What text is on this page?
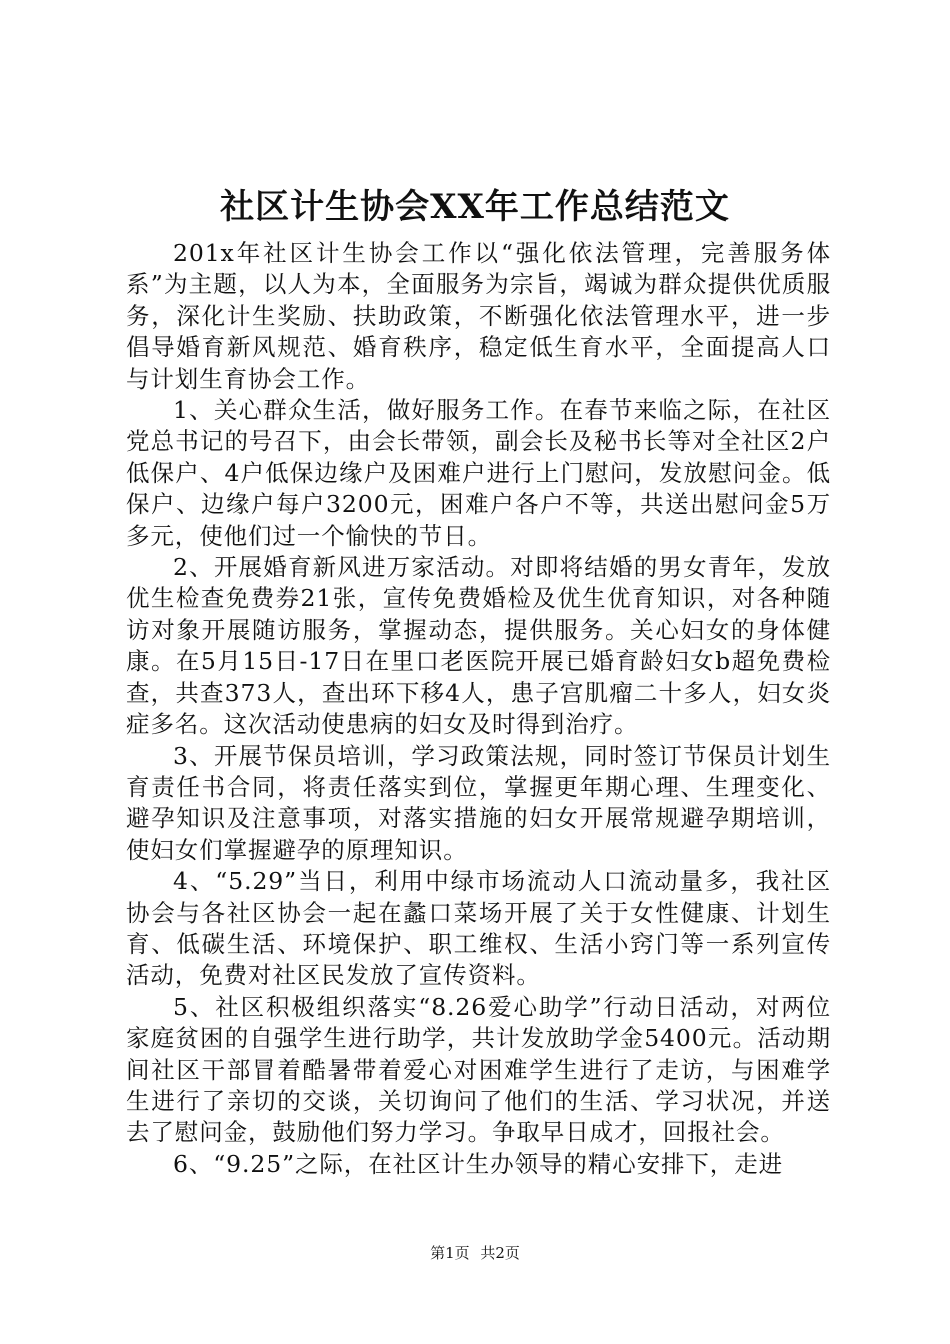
社区计生协会XX年工作总结范文

201x年社区计生协会工作以“强化依法管理，完善服务体系”为主题，以人为本，全面服务为宗旨，竭诚为群众提供优质服务，深化计生奖励、扶助政策，不断强化依法管理水平，进一步倡导婚育新风规范、婚育秩序，稳定低生育水平，全面提高人口与计划生育协会工作。

1、关心群众生活，做好服务工作。在春节来临之际，在社区党总书记的号召下，由会长带领，副会长及秘书长等对全社区2户低保户、4户低保边缘户及困难户进行上门慰问，发放慰问金。低保户、边缘户每户3200元，困难户各户不等，共送出慰问金5万多元，使他们过一个愉快的节日。

2、开展婚育新风进万家活动。对即将结婚的男女青年，发放优生检查免费券21张，宣传免费婚检及优生优育知识，对各种随访对象开展随访服务，掌握动态，提供服务。关心妇女的身体健康。在5月15日-17日在里口老医院开展已婚育龄妇女b超免费检查，共查373人，查出环下移4人，患子宫肌瘤二十多人，妇女炎症多名。这次活动使患病的妇女及时得到治疗。

3、开展节保员培训，学习政策法规，同时签订节保员计划生育责任书合同，将责任落实到位，掌握更年期心理、生理变化、避孕知识及注意事项，对落实措施的妇女开展常规避孕期培训，使妇女们掌握避孕的原理知识。

4、“5.29”当日，利用中绿市场流动人口流动量多，我社区协会与各社区协会一起在蠡口菜场开展了关于女性健康、计划生育、低碳生活、环境保护、职工维权、生活小窍门等一系列宣传活动，免费对社区民发放了宣传资料。

5、社区积极组织落实“8.26爱心助学”行动日活动，对两位家庭贫困的自强学生进行助学，共计发放助学金5400元。活动期间社区干部冒着酷暑带着爱心对困难学生进行了走访，与困难学生进行了亲切的交谈，关切询问了他们的生活、学习状况，并送去了慰问金，鼓励他们努力学习。争取早日成才，回报社会。

6、“9.25”之际，在社区计生办领导的精心安排下，走进

第1页 共2页
